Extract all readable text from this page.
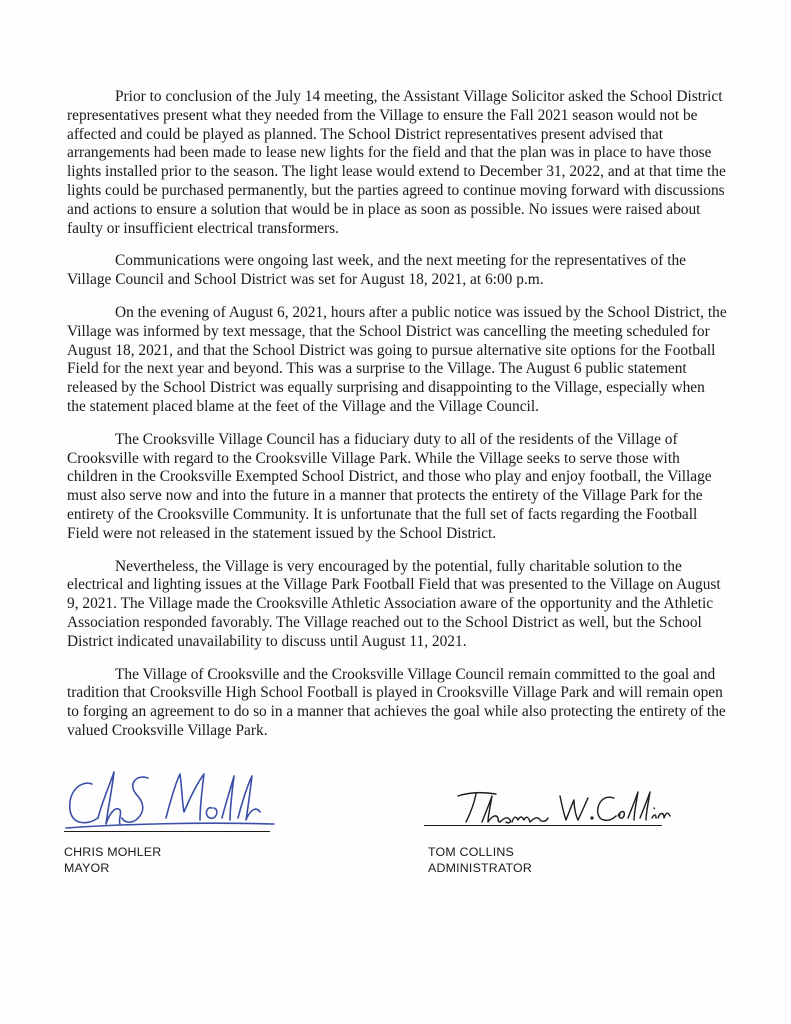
Prior to conclusion of the July 14 meeting, the Assistant Village Solicitor asked the School District representatives present what they needed from the Village to ensure the Fall 2021 season would not be affected and could be played as planned. The School District representatives present advised that arrangements had been made to lease new lights for the field and that the plan was in place to have those lights installed prior to the season. The light lease would extend to December 31, 2022, and at that time the lights could be purchased permanently, but the parties agreed to continue moving forward with discussions and actions to ensure a solution that would be in place as soon as possible. No issues were raised about faulty or insufficient electrical transformers.

Communications were ongoing last week, and the next meeting for the representatives of the Village Council and School District was set for August 18, 2021, at 6:00 p.m.

On the evening of August 6, 2021, hours after a public notice was issued by the School District, the Village was informed by text message, that the School District was cancelling the meeting scheduled for August 18, 2021, and that the School District was going to pursue alternative site options for the Football Field for the next year and beyond. This was a surprise to the Village. The August 6 public statement released by the School District was equally surprising and disappointing to the Village, especially when the statement placed blame at the feet of the Village and the Village Council.

The Crooksville Village Council has a fiduciary duty to all of the residents of the Village of Crooksville with regard to the Crooksville Village Park. While the Village seeks to serve those with children in the Crooksville Exempted School District, and those who play and enjoy football, the Village must also serve now and into the future in a manner that protects the entirety of the Village Park for the entirety of the Crooksville Community. It is unfortunate that the full set of facts regarding the Football Field were not released in the statement issued by the School District.

Nevertheless, the Village is very encouraged by the potential, fully charitable solution to the electrical and lighting issues at the Village Park Football Field that was presented to the Village on August 9, 2021. The Village made the Crooksville Athletic Association aware of the opportunity and the Athletic Association responded favorably. The Village reached out to the School District as well, but the School District indicated unavailability to discuss until August 11, 2021.

The Village of Crooksville and the Crooksville Village Council remain committed to the goal and tradition that Crooksville High School Football is played in Crooksville Village Park and will remain open to forging an agreement to do so in a manner that achieves the goal while also protecting the entirety of the valued Crooksville Village Park.

CHRIS MOHLER
MAYOR
TOM COLLINS
ADMINISTRATOR
